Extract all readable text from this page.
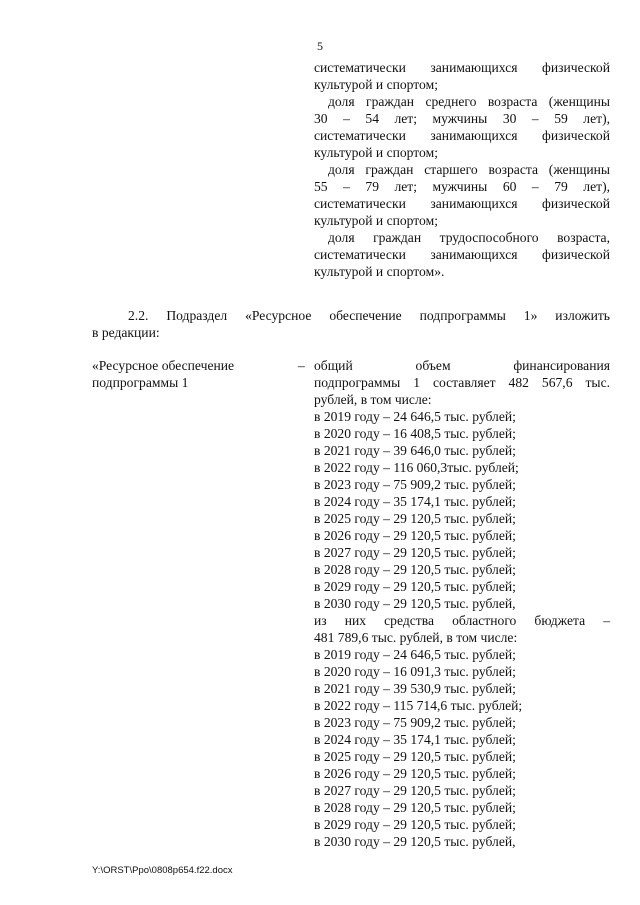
5
систематически занимающихся физической
культурой и спортом;
доля граждан среднего возраста (женщины
30 – 54 лет; мужчины 30 – 59 лет),
систематически занимающихся физической
культурой и спортом;
доля граждан старшего возраста (женщины
55 – 79 лет; мужчины 60 – 79 лет),
систематически занимающихся физической
культурой и спортом;
доля граждан трудоспособного возраста,
систематически занимающихся физической
культурой и спортом».
2.2. Подраздел «Ресурсное обеспечение подпрограммы 1» изложить
в редакции:
«Ресурсное обеспечение
подпрограммы 1
– общий объем финансирования
подпрограммы 1 составляет 482 567,6 тыс.
рублей, в том числе:
в 2019 году – 24 646,5 тыс. рублей;
в 2020 году – 16 408,5 тыс. рублей;
в 2021 году – 39 646,0 тыс. рублей;
в 2022 году – 116 060,3тыс. рублей;
в 2023 году – 75 909,2 тыс. рублей;
в 2024 году – 35 174,1 тыс. рублей;
в 2025 году – 29 120,5 тыс. рублей;
в 2026 году – 29 120,5 тыс. рублей;
в 2027 году – 29 120,5 тыс. рублей;
в 2028 году – 29 120,5 тыс. рублей;
в 2029 году – 29 120,5 тыс. рублей;
в 2030 году – 29 120,5 тыс. рублей,
из них средства областного бюджета –
481 789,6 тыс. рублей, в том числе:
в 2019 году – 24 646,5 тыс. рублей;
в 2020 году – 16 091,3 тыс. рублей;
в 2021 году – 39 530,9 тыс. рублей;
в 2022 году – 115 714,6 тыс. рублей;
в 2023 году – 75 909,2 тыс. рублей;
в 2024 году – 35 174,1 тыс. рублей;
в 2025 году – 29 120,5 тыс. рублей;
в 2026 году – 29 120,5 тыс. рублей;
в 2027 году – 29 120,5 тыс. рублей;
в 2028 году – 29 120,5 тыс. рублей;
в 2029 году – 29 120,5 тыс. рублей;
в 2030 году – 29 120,5 тыс. рублей,
Y:\ORST\Ppo\0808p654.f22.docx
